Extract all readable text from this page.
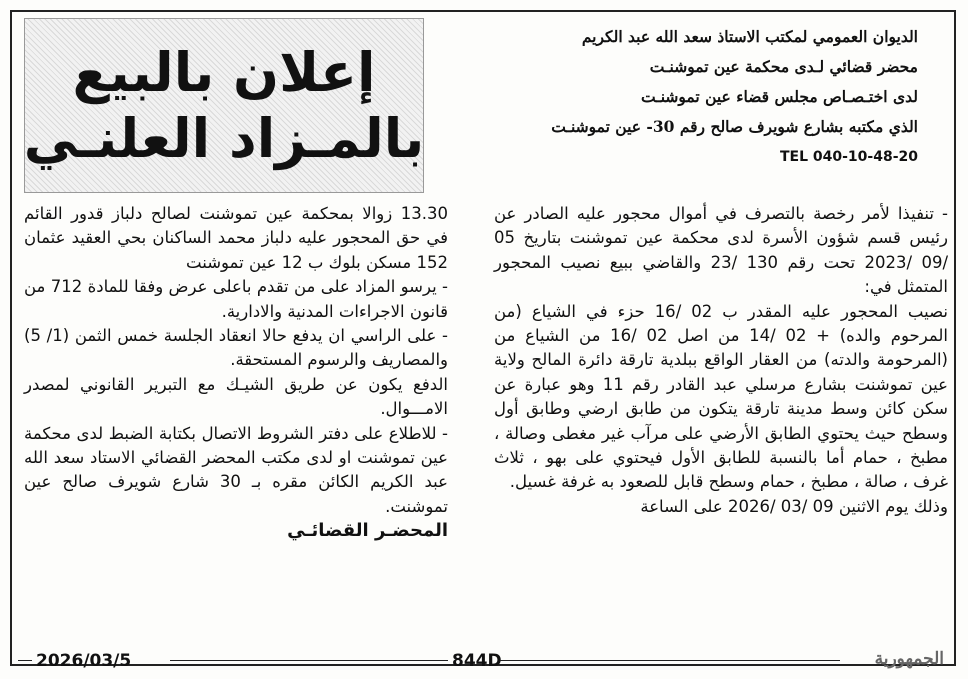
الديوان العمومي لمكتب الاستاذ سعد الله عبد الكريم
محضر قضائي لـدى محكمة عين تموشنـت
لدى اختـصـاص مجلس قضاء عين تموشنـت
الذي مكتبه بشارع شويرف صالح رقم 30- عين تموشنـت
TEL 040-10-48-20
إعلان بالبيع
بالمـزاد العلنـي

- تنفيذا لأمر رخصة بالتصرف في أموال محجور عليه الصادر عن رئيس قسم شؤون الأسرة لدى محكمة عين تموشنت بتاريخ 05 /09 /2023 تحت رقم 130 /23 والقاضي ببيع نصيب المحجور المتمثل في:

نصيب المحجور عليه المقدر ب 02 /16 حزء في الشياع (من المرحوم والده) + 02 /14 من اصل 02 /16 من الشياع من (المرحومة والدته) من العقار الواقع ببلدية تارقة دائرة المالح ولاية عين تموشنت بشارع مرسلي عبد القادر رقم 11 وهو عبارة عن سكن كائن وسط مدينة تارقة يتكون من طابق ارضي وطابق أول وسطح حيث يحتوي الطابق الأرضي على مرآب غير مغطى وصالة ، مطبخ ، حمام أما بالنسبة للطابق الأول فيحتوي على بهو ، ثلاث غرف ، صالة ، مطبخ ، حمام وسطح قابل للصعود به غرفة غسيل.

وذلك يوم الاثنين 09 /03 /2026 على الساعة

13.30 زوالا بمحكمة عين تموشنت لصالح دلباز قدور القائم في حق المحجور عليه دلباز محمد الساكنان بحي العقيد عثمان 152 مسكن بلوك ب 12 عين تموشنت

- يرسو المزاد على من تقدم باعلى عرض وفقا للمادة 712 من قانون الاجراءات المدنية والادارية.

- على الراسي ان يدفع حالا انعقاد الجلسة خمس الثمن (1/ 5) والمصاريف والرسوم المستحقة.

الدفع يكون عن طريق الشيـك مع التبرير القانوني لمصدر الامـــوال.

- للاطلاع على دفتر الشروط الاتصال بكتابة الضبط لدى محكمة عين تموشنت او لدى مكتب المحضر القضائي الاستاد سعد الله عبد الكريم الكائن مقره بـ 30 شارع شويرف صالح عين تموشنت.

المحضـر القضائـي

2026/03/5	844D	الجمهورية
